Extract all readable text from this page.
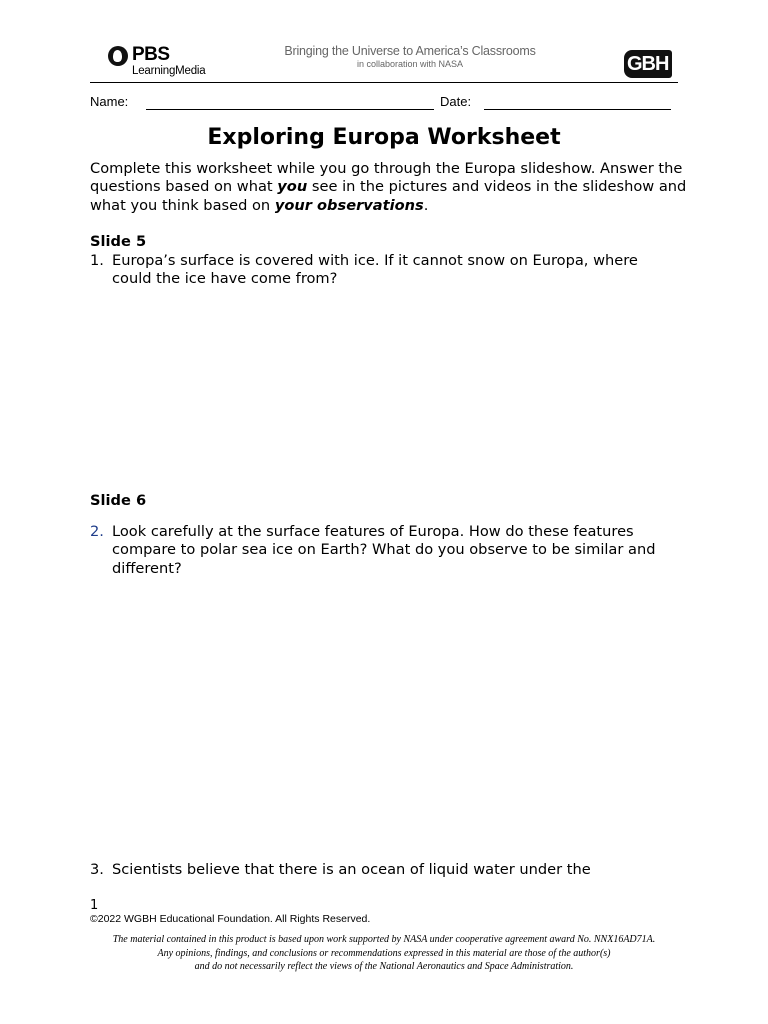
PBS
LearningMedia
Bringing the Universe to America’s Classrooms
in collaboration with NASA	GBH
Name:	Date:
Exploring Europa Worksheet
Complete this worksheet while you go through the Europa slideshow. Answer the questions based on what you see in the pictures and videos in the slideshow and what you think based on your observations.
Slide 5
1. Europa’s surface is covered with ice. If it cannot snow on Europa, where could the ice have come from?
Slide 6
2. Look carefully at the surface features of Europa. How do these features compare to polar sea ice on Earth? What do you observe to be similar and different?
3. Scientists believe that there is an ocean of liquid water under the
1
©2022 WGBH Educational Foundation. All Rights Reserved.
The material contained in this product is based upon work supported by NASA under cooperative agreement award No. NNX16AD71A.
Any opinions, findings, and conclusions or recommendations expressed in this material are those of the author(s)
and do not necessarily reflect the views of the National Aeronautics and Space Administration.
